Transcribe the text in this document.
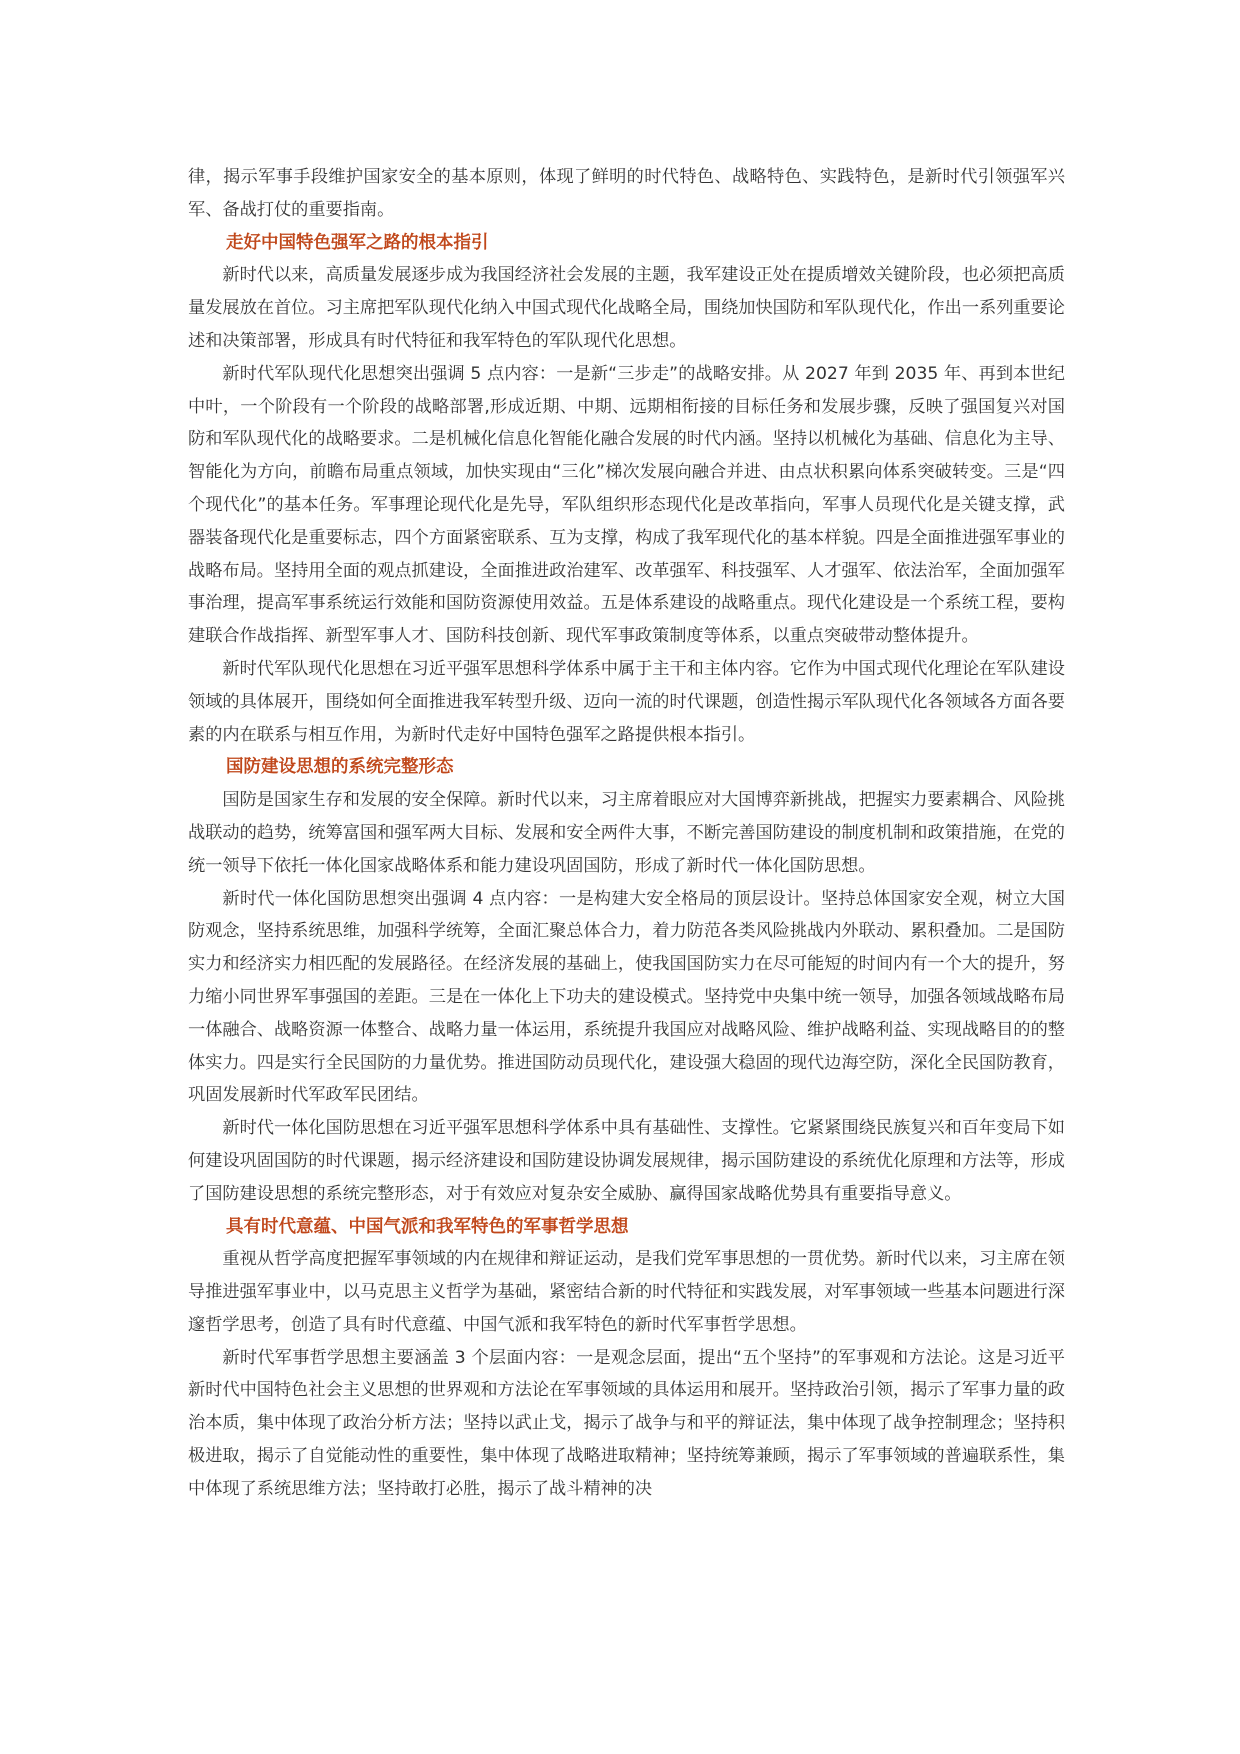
律，揭示军事手段维护国家安全的基本原则，体现了鲜明的时代特色、战略特色、实践特色，是新时代引领强军兴军、备战打仗的重要指南。

走好中国特色强军之路的根本指引

新时代以来，高质量发展逐步成为我国经济社会发展的主题，我军建设正处在提质增效关键阶段，也必须把高质量发展放在首位。习主席把军队现代化纳入中国式现代化战略全局，围绕加快国防和军队现代化，作出一系列重要论述和决策部署，形成具有时代特征和我军特色的军队现代化思想。

新时代军队现代化思想突出强调 5 点内容：一是新“三步走”的战略安排。从 2027 年到 2035 年、再到本世纪中叶，一个阶段有一个阶段的战略部署,形成近期、中期、远期相衔接的目标任务和发展步骤，反映了强国复兴对国防和军队现代化的战略要求。二是机械化信息化智能化融合发展的时代内涵。坚持以机械化为基础、信息化为主导、智能化为方向，前瞻布局重点领域，加快实现由“三化”梯次发展向融合并进、由点状积累向体系突破转变。三是“四个现代化”的基本任务。军事理论现代化是先导，军队组织形态现代化是改革指向，军事人员现代化是关键支撑，武器装备现代化是重要标志，四个方面紧密联系、互为支撑，构成了我军现代化的基本样貌。四是全面推进强军事业的战略布局。坚持用全面的观点抓建设，全面推进政治建军、改革强军、科技强军、人才强军、依法治军，全面加强军事治理，提高军事系统运行效能和国防资源使用效益。五是体系建设的战略重点。现代化建设是一个系统工程，要构建联合作战指挥、新型军事人才、国防科技创新、现代军事政策制度等体系，以重点突破带动整体提升。

新时代军队现代化思想在习近平强军思想科学体系中属于主干和主体内容。它作为中国式现代化理论在军队建设领域的具体展开，围绕如何全面推进我军转型升级、迈向一流的时代课题，创造性揭示军队现代化各领域各方面各要素的内在联系与相互作用，为新时代走好中国特色强军之路提供根本指引。

国防建设思想的系统完整形态

国防是国家生存和发展的安全保障。新时代以来，习主席着眼应对大国博弈新挑战，把握实力要素耦合、风险挑战联动的趋势，统筹富国和强军两大目标、发展和安全两件大事，不断完善国防建设的制度机制和政策措施，在党的统一领导下依托一体化国家战略体系和能力建设巩固国防，形成了新时代一体化国防思想。

新时代一体化国防思想突出强调 4 点内容：一是构建大安全格局的顶层设计。坚持总体国家安全观，树立大国防观念，坚持系统思维，加强科学统筹，全面汇聚总体合力，着力防范各类风险挑战内外联动、累积叠加。二是国防实力和经济实力相匹配的发展路径。在经济发展的基础上，使我国国防实力在尽可能短的时间内有一个大的提升，努力缩小同世界军事强国的差距。三是在一体化上下功夫的建设模式。坚持党中央集中统一领导，加强各领域战略布局一体融合、战略资源一体整合、战略力量一体运用，系统提升我国应对战略风险、维护战略利益、实现战略目的的整体实力。四是实行全民国防的力量优势。推进国防动员现代化，建设强大稳固的现代边海空防，深化全民国防教育，巩固发展新时代军政军民团结。

新时代一体化国防思想在习近平强军思想科学体系中具有基础性、支撑性。它紧紧围绕民族复兴和百年变局下如何建设巩固国防的时代课题，揭示经济建设和国防建设协调发展规律，揭示国防建设的系统优化原理和方法等，形成了国防建设思想的系统完整形态，对于有效应对复杂安全威胁、赢得国家战略优势具有重要指导意义。

具有时代意蕴、中国气派和我军特色的军事哲学思想

重视从哲学高度把握军事领域的内在规律和辩证运动，是我们党军事思想的一贯优势。新时代以来，习主席在领导推进强军事业中，以马克思主义哲学为基础，紧密结合新的时代特征和实践发展，对军事领域一些基本问题进行深邃哲学思考，创造了具有时代意蕴、中国气派和我军特色的新时代军事哲学思想。

新时代军事哲学思想主要涵盖 3 个层面内容：一是观念层面，提出“五个坚持”的军事观和方法论。这是习近平新时代中国特色社会主义思想的世界观和方法论在军事领域的具体运用和展开。坚持政治引领，揭示了军事力量的政治本质，集中体现了政治分析方法；坚持以武止戈，揭示了战争与和平的辩证法，集中体现了战争控制理念；坚持积极进取，揭示了自觉能动性的重要性，集中体现了战略进取精神；坚持统筹兼顾，揭示了军事领域的普遍联系性，集中体现了系统思维方法；坚持敢打必胜，揭示了战斗精神的决
